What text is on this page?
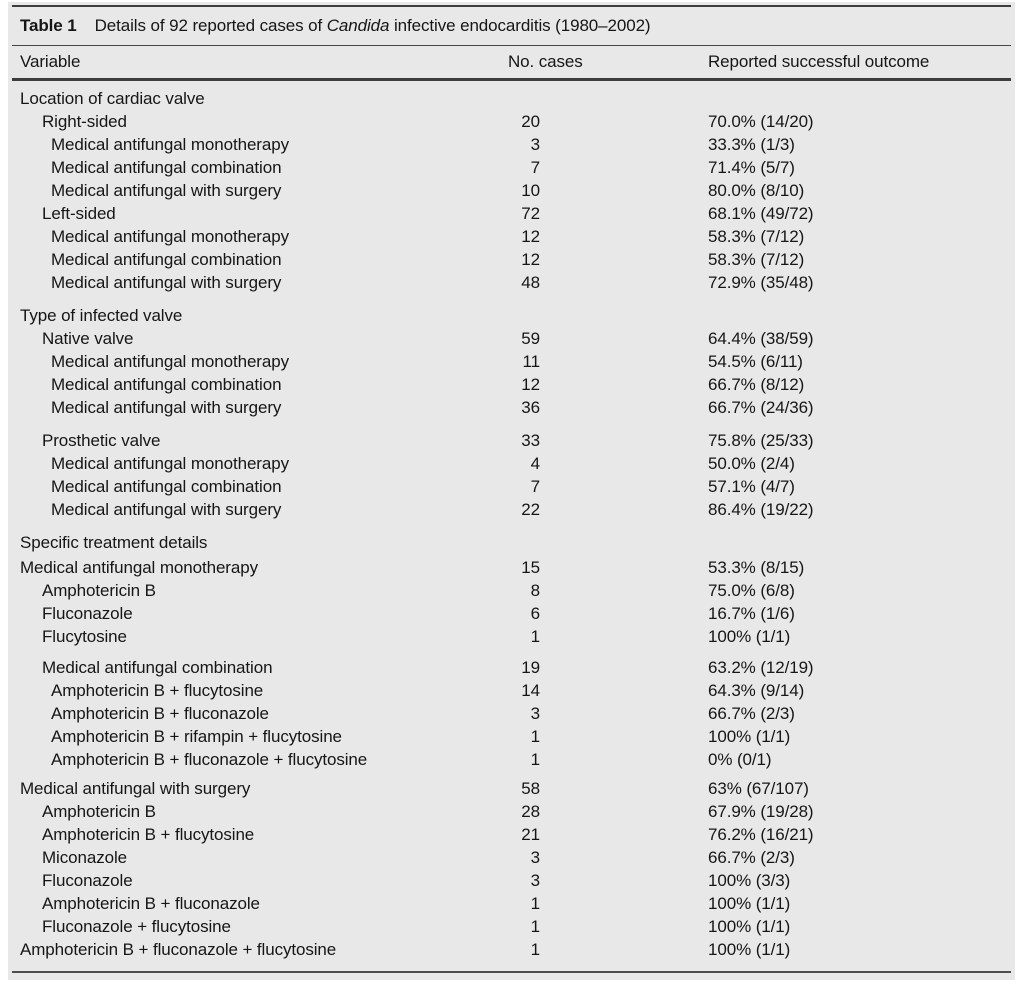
Table 1 Details of 92 reported cases of Candida infective endocarditis (1980–2002)
Variable	No. cases	Reported successful outcome
Location of cardiac valve
Right-sided	20	70.0% (14/20)
Medical antifungal monotherapy	3	33.3% (1/3)
Medical antifungal combination	7	71.4% (5/7)
Medical antifungal with surgery	10	80.0% (8/10)
Left-sided	72	68.1% (49/72)
Medical antifungal monotherapy	12	58.3% (7/12)
Medical antifungal combination	12	58.3% (7/12)
Medical antifungal with surgery	48	72.9% (35/48)
Type of infected valve
Native valve	59	64.4% (38/59)
Medical antifungal monotherapy	11	54.5% (6/11)
Medical antifungal combination	12	66.7% (8/12)
Medical antifungal with surgery	36	66.7% (24/36)
Prosthetic valve	33	75.8% (25/33)
Medical antifungal monotherapy	4	50.0% (2/4)
Medical antifungal combination	7	57.1% (4/7)
Medical antifungal with surgery	22	86.4% (19/22)
Specific treatment details
Medical antifungal monotherapy	15	53.3% (8/15)
Amphotericin B	8	75.0% (6/8)
Fluconazole	6	16.7% (1/6)
Flucytosine	1	100% (1/1)
Medical antifungal combination	19	63.2% (12/19)
Amphotericin B + flucytosine	14	64.3% (9/14)
Amphotericin B + fluconazole	3	66.7% (2/3)
Amphotericin B + rifampin + flucytosine	1	100% (1/1)
Amphotericin B + fluconazole + flucytosine	1	0% (0/1)
Medical antifungal with surgery	58	63% (67/107)
Amphotericin B	28	67.9% (19/28)
Amphotericin B + flucytosine	21	76.2% (16/21)
Miconazole	3	66.7% (2/3)
Fluconazole	3	100% (3/3)
Amphotericin B + fluconazole	1	100% (1/1)
Fluconazole + flucytosine	1	100% (1/1)
Amphotericin B + fluconazole + flucytosine	1	100% (1/1)
